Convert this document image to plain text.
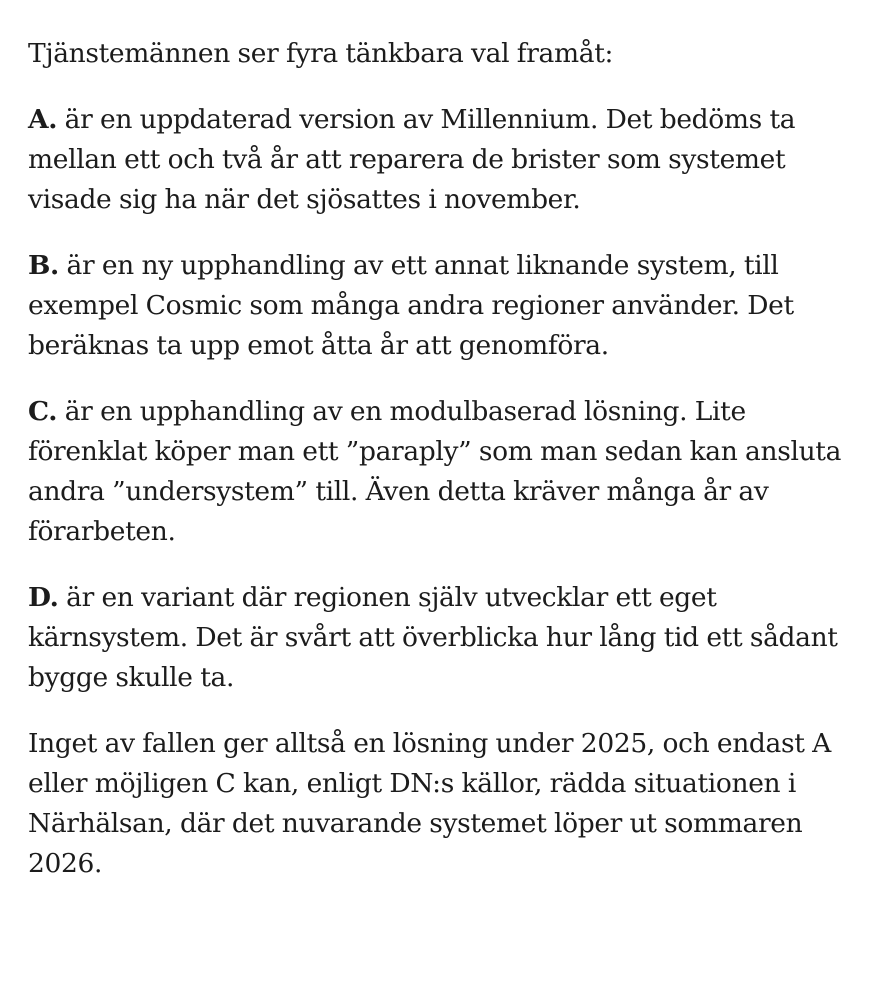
Tjänstemännen ser fyra tänkbara val framåt:

A. är en uppdaterad version av Millennium. Det bedöms ta mellan ett och två år att reparera de brister som systemet visade sig ha när det sjösattes i november.

B. är en ny upphandling av ett annat liknande system, till exempel Cosmic som många andra regioner använder. Det beräknas ta upp emot åtta år att genomföra.

C. är en upphandling av en modulbaserad lösning. Lite förenklat köper man ett ”paraply” som man sedan kan ansluta andra ”undersystem” till. Även detta kräver många år av förarbeten.

D. är en variant där regionen själv utvecklar ett eget kärnsystem. Det är svårt att överblicka hur lång tid ett sådant bygge skulle ta.

Inget av fallen ger alltså en lösning under 2025, och endast A eller möjligen C kan, enligt DN:s källor, rädda situationen i Närhälsan, där det nuvarande systemet löper ut sommaren 2026.
